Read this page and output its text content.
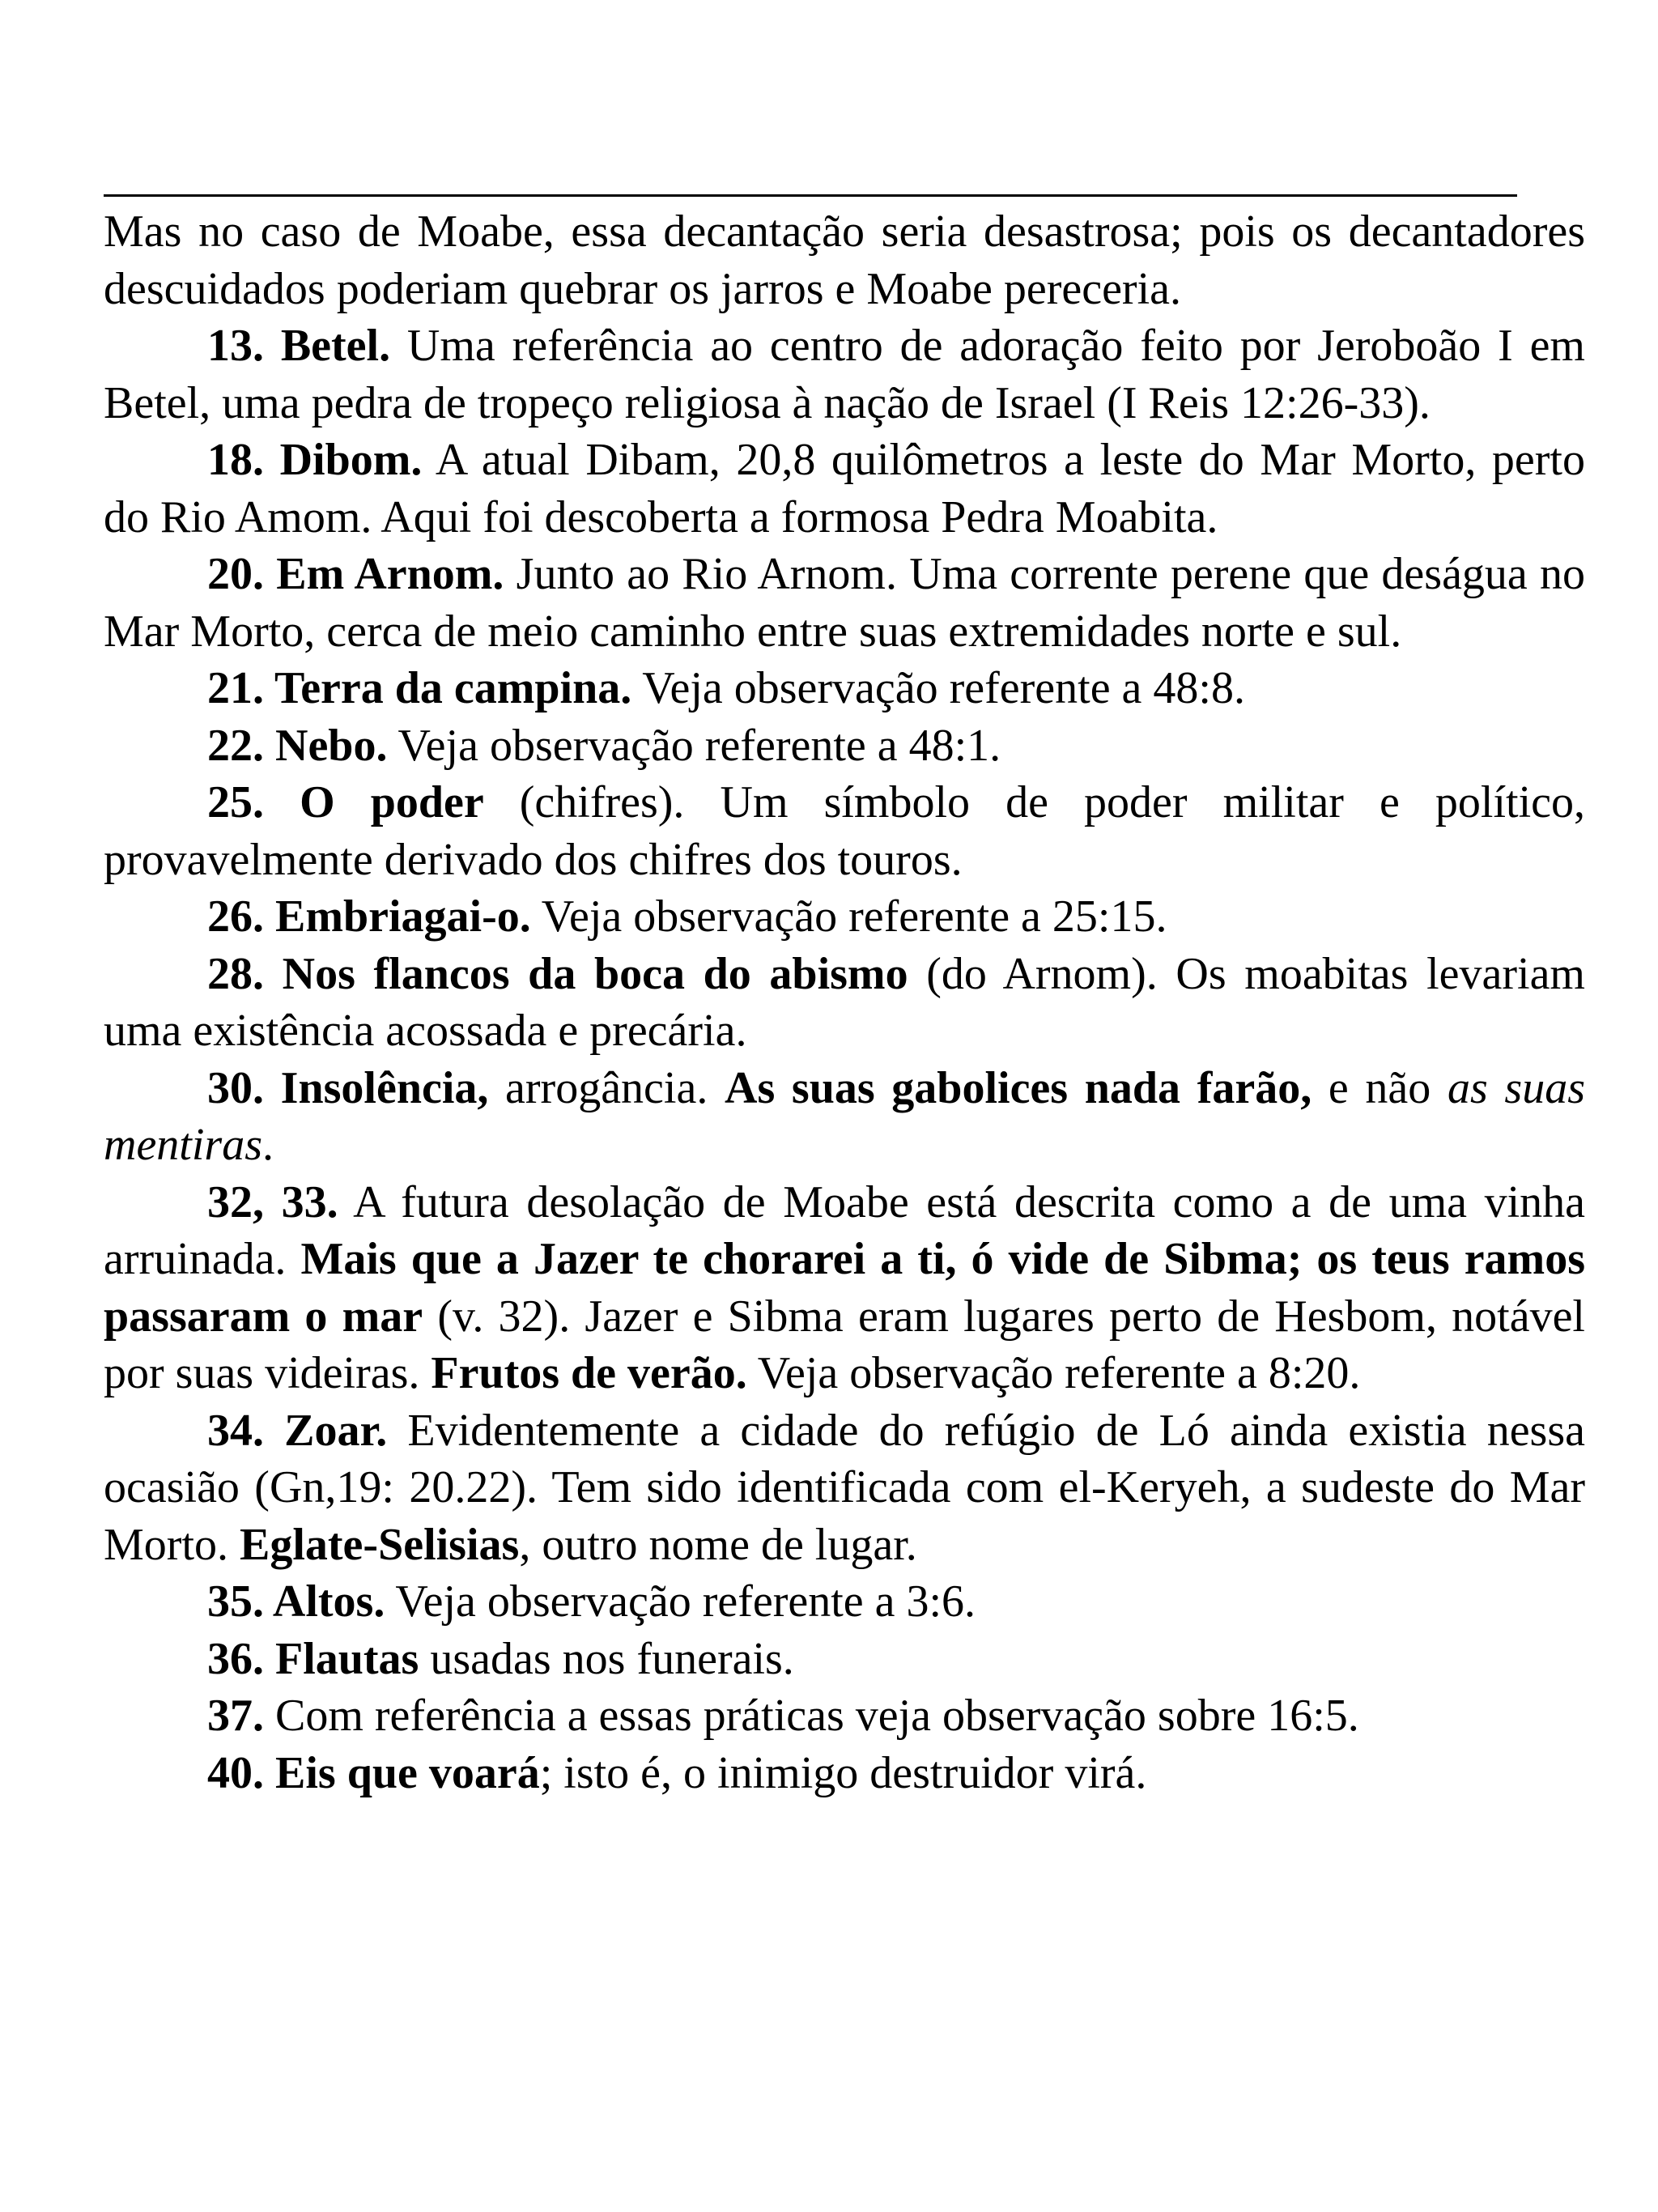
Mas no caso de Moabe, essa decantação seria desastrosa; pois os decantadores descuidados poderiam quebrar os jarros e Moabe pereceria.

13. Betel. Uma referência ao centro de adoração feito por Jeroboão I em Betel, uma pedra de tropeço religiosa à nação de Israel (I Reis 12:26-33).

18. Dibom. A atual Dibam, 20,8 quilômetros a leste do Mar Morto, perto do Rio Amom. Aqui foi descoberta a formosa Pedra Moabita.

20. Em Arnom. Junto ao Rio Arnom. Uma corrente perene que deságua no Mar Morto, cerca de meio caminho entre suas extremidades norte e sul.

21. Terra da campina. Veja observação referente a 48:8.

22. Nebo. Veja observação referente a 48:1.

25. O poder (chifres). Um símbolo de poder militar e político, provavelmente derivado dos chifres dos touros.

26. Embriagai-o. Veja observação referente a 25:15.

28. Nos flancos da boca do abismo (do Arnom). Os moabitas levariam uma existência acossada e precária.

30. Insolência, arrogância. As suas gabolices nada farão, e não as suas mentiras.

32, 33. A futura desolação de Moabe está descrita como a de uma vinha arruinada. Mais que a Jazer te chorarei a ti, ó vide de Sibma; os teus ramos passaram o mar (v. 32). Jazer e Sibma eram lugares perto de Hesbom, notável por suas videiras. Frutos de verão. Veja observação referente a 8:20.

34. Zoar. Evidentemente a cidade do refúgio de Ló ainda existia nessa ocasião (Gn,19: 20.22). Tem sido identificada com el-Keryeh, a sudeste do Mar Morto. Eglate-Selisias, outro nome de lugar.

35. Altos. Veja observação referente a 3:6.

36. Flautas usadas nos funerais.

37. Com referência a essas práticas veja observação sobre 16:5.

40. Eis que voará; isto é, o inimigo destruidor virá.
